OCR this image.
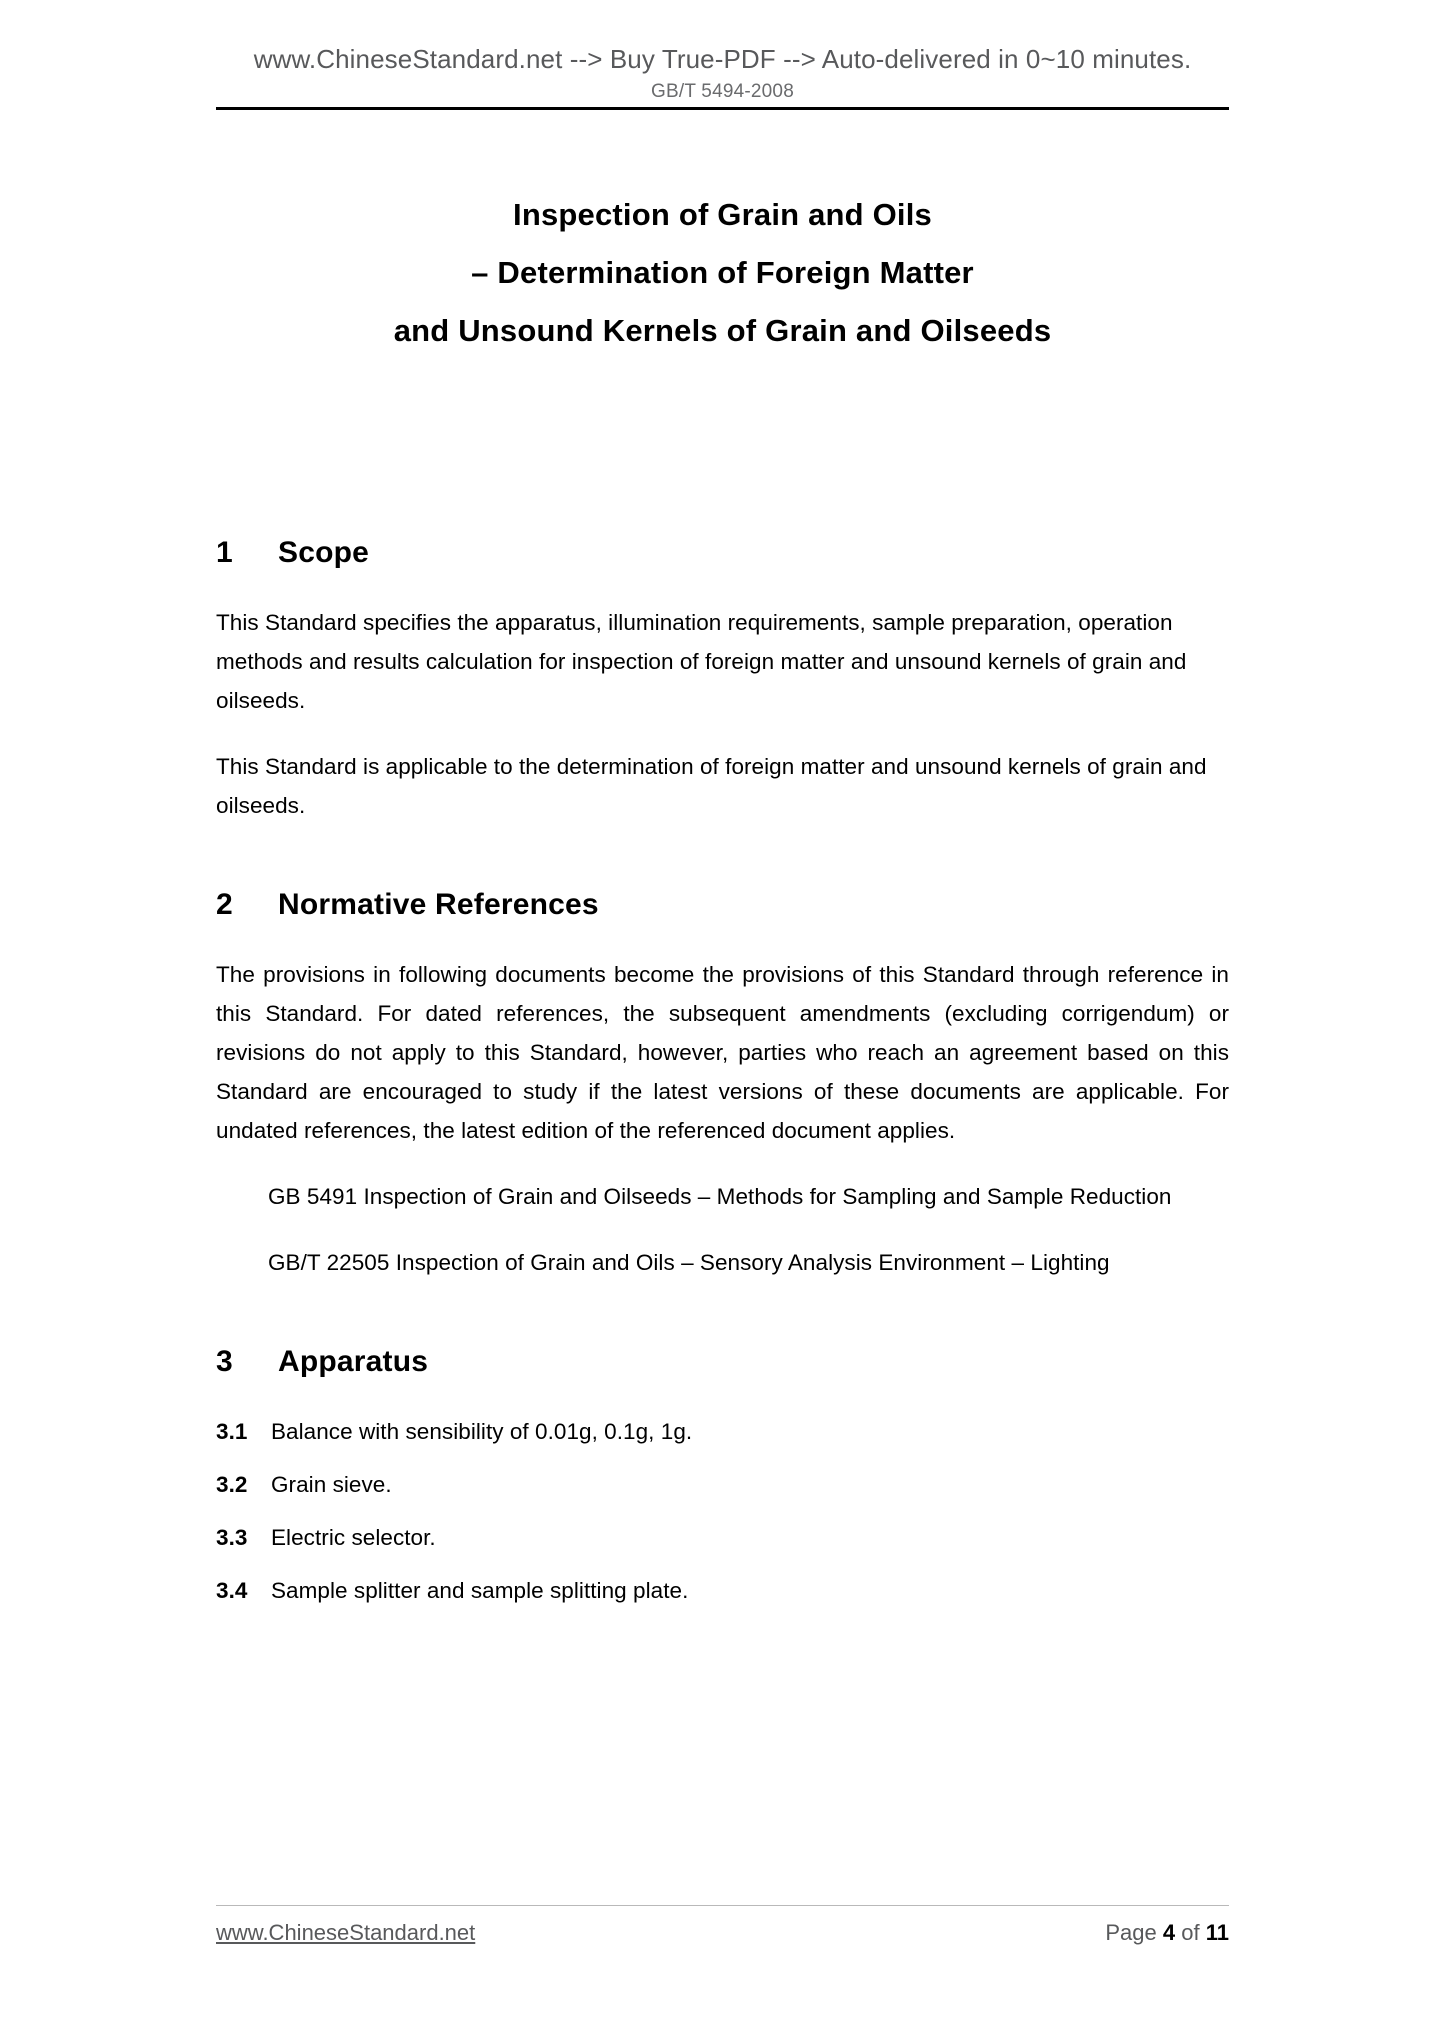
www.ChineseStandard.net --> Buy True-PDF --> Auto-delivered in 0~10 minutes.
GB/T 5494-2008
Inspection of Grain and Oils
– Determination of Foreign Matter
and Unsound Kernels of Grain and Oilseeds
1 Scope

This Standard specifies the apparatus, illumination requirements, sample preparation, operation methods and results calculation for inspection of foreign matter and unsound kernels of grain and oilseeds.

This Standard is applicable to the determination of foreign matter and unsound kernels of grain and oilseeds.

2 Normative References

The provisions in following documents become the provisions of this Standard through reference in this Standard. For dated references, the subsequent amendments (excluding corrigendum) or revisions do not apply to this Standard, however, parties who reach an agreement based on this Standard are encouraged to study if the latest versions of these documents are applicable. For undated references, the latest edition of the referenced document applies.

GB 5491 Inspection of Grain and Oilseeds – Methods for Sampling and Sample Reduction

GB/T 22505 Inspection of Grain and Oils – Sensory Analysis Environment – Lighting

3 Apparatus

3.1 Balance with sensibility of 0.01g, 0.1g, 1g.

3.2 Grain sieve.

3.3 Electric selector.

3.4 Sample splitter and sample splitting plate.

www.ChineseStandard.net	Page 4 of 11
